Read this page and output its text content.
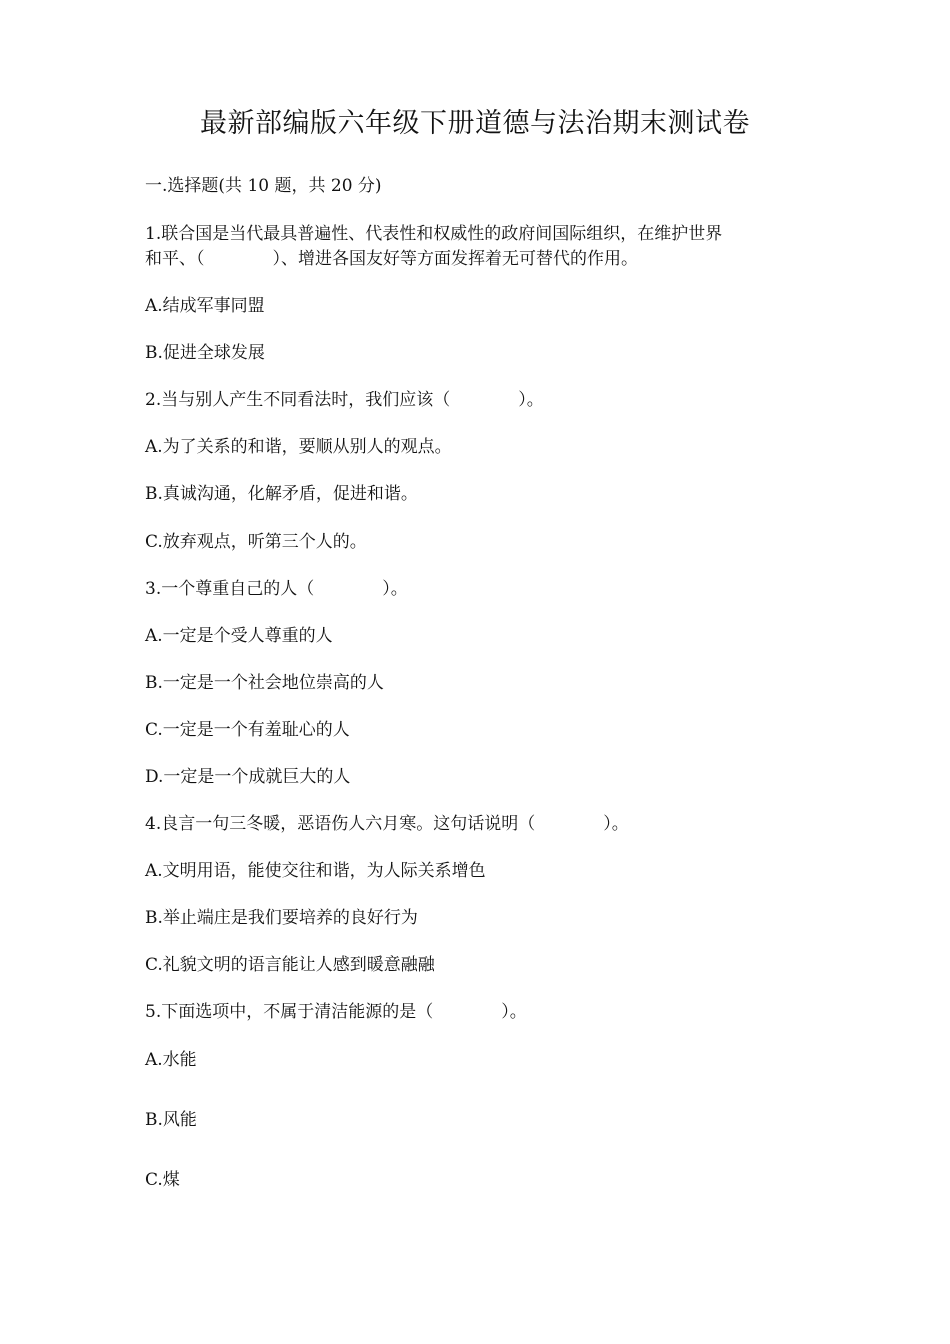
最新部编版六年级下册道德与法治期末测试卷
一.选择题(共 10 题，共 20 分)
1.联合国是当代最具普遍性、代表性和权威性的政府间国际组织，在维护世界
和平、（　　　　）、增进各国友好等方面发挥着无可替代的作用。
A.结成军事同盟
B.促进全球发展
2.当与别人产生不同看法时，我们应该（　　　　）。
A.为了关系的和谐，要顺从别人的观点。
B.真诚沟通，化解矛盾，促进和谐。
C.放弃观点，听第三个人的。
3.一个尊重自己的人（　　　　）。
A.一定是个受人尊重的人
B.一定是一个社会地位崇高的人
C.一定是一个有羞耻心的人
D.一定是一个成就巨大的人
4.良言一句三冬暖，恶语伤人六月寒。这句话说明（　　　　）。
A.文明用语，能使交往和谐，为人际关系增色
B.举止端庄是我们要培养的良好行为
C.礼貌文明的语言能让人感到暖意融融
5.下面选项中，不属于清洁能源的是（　　　　）。
A.水能
B.风能
C.煤
